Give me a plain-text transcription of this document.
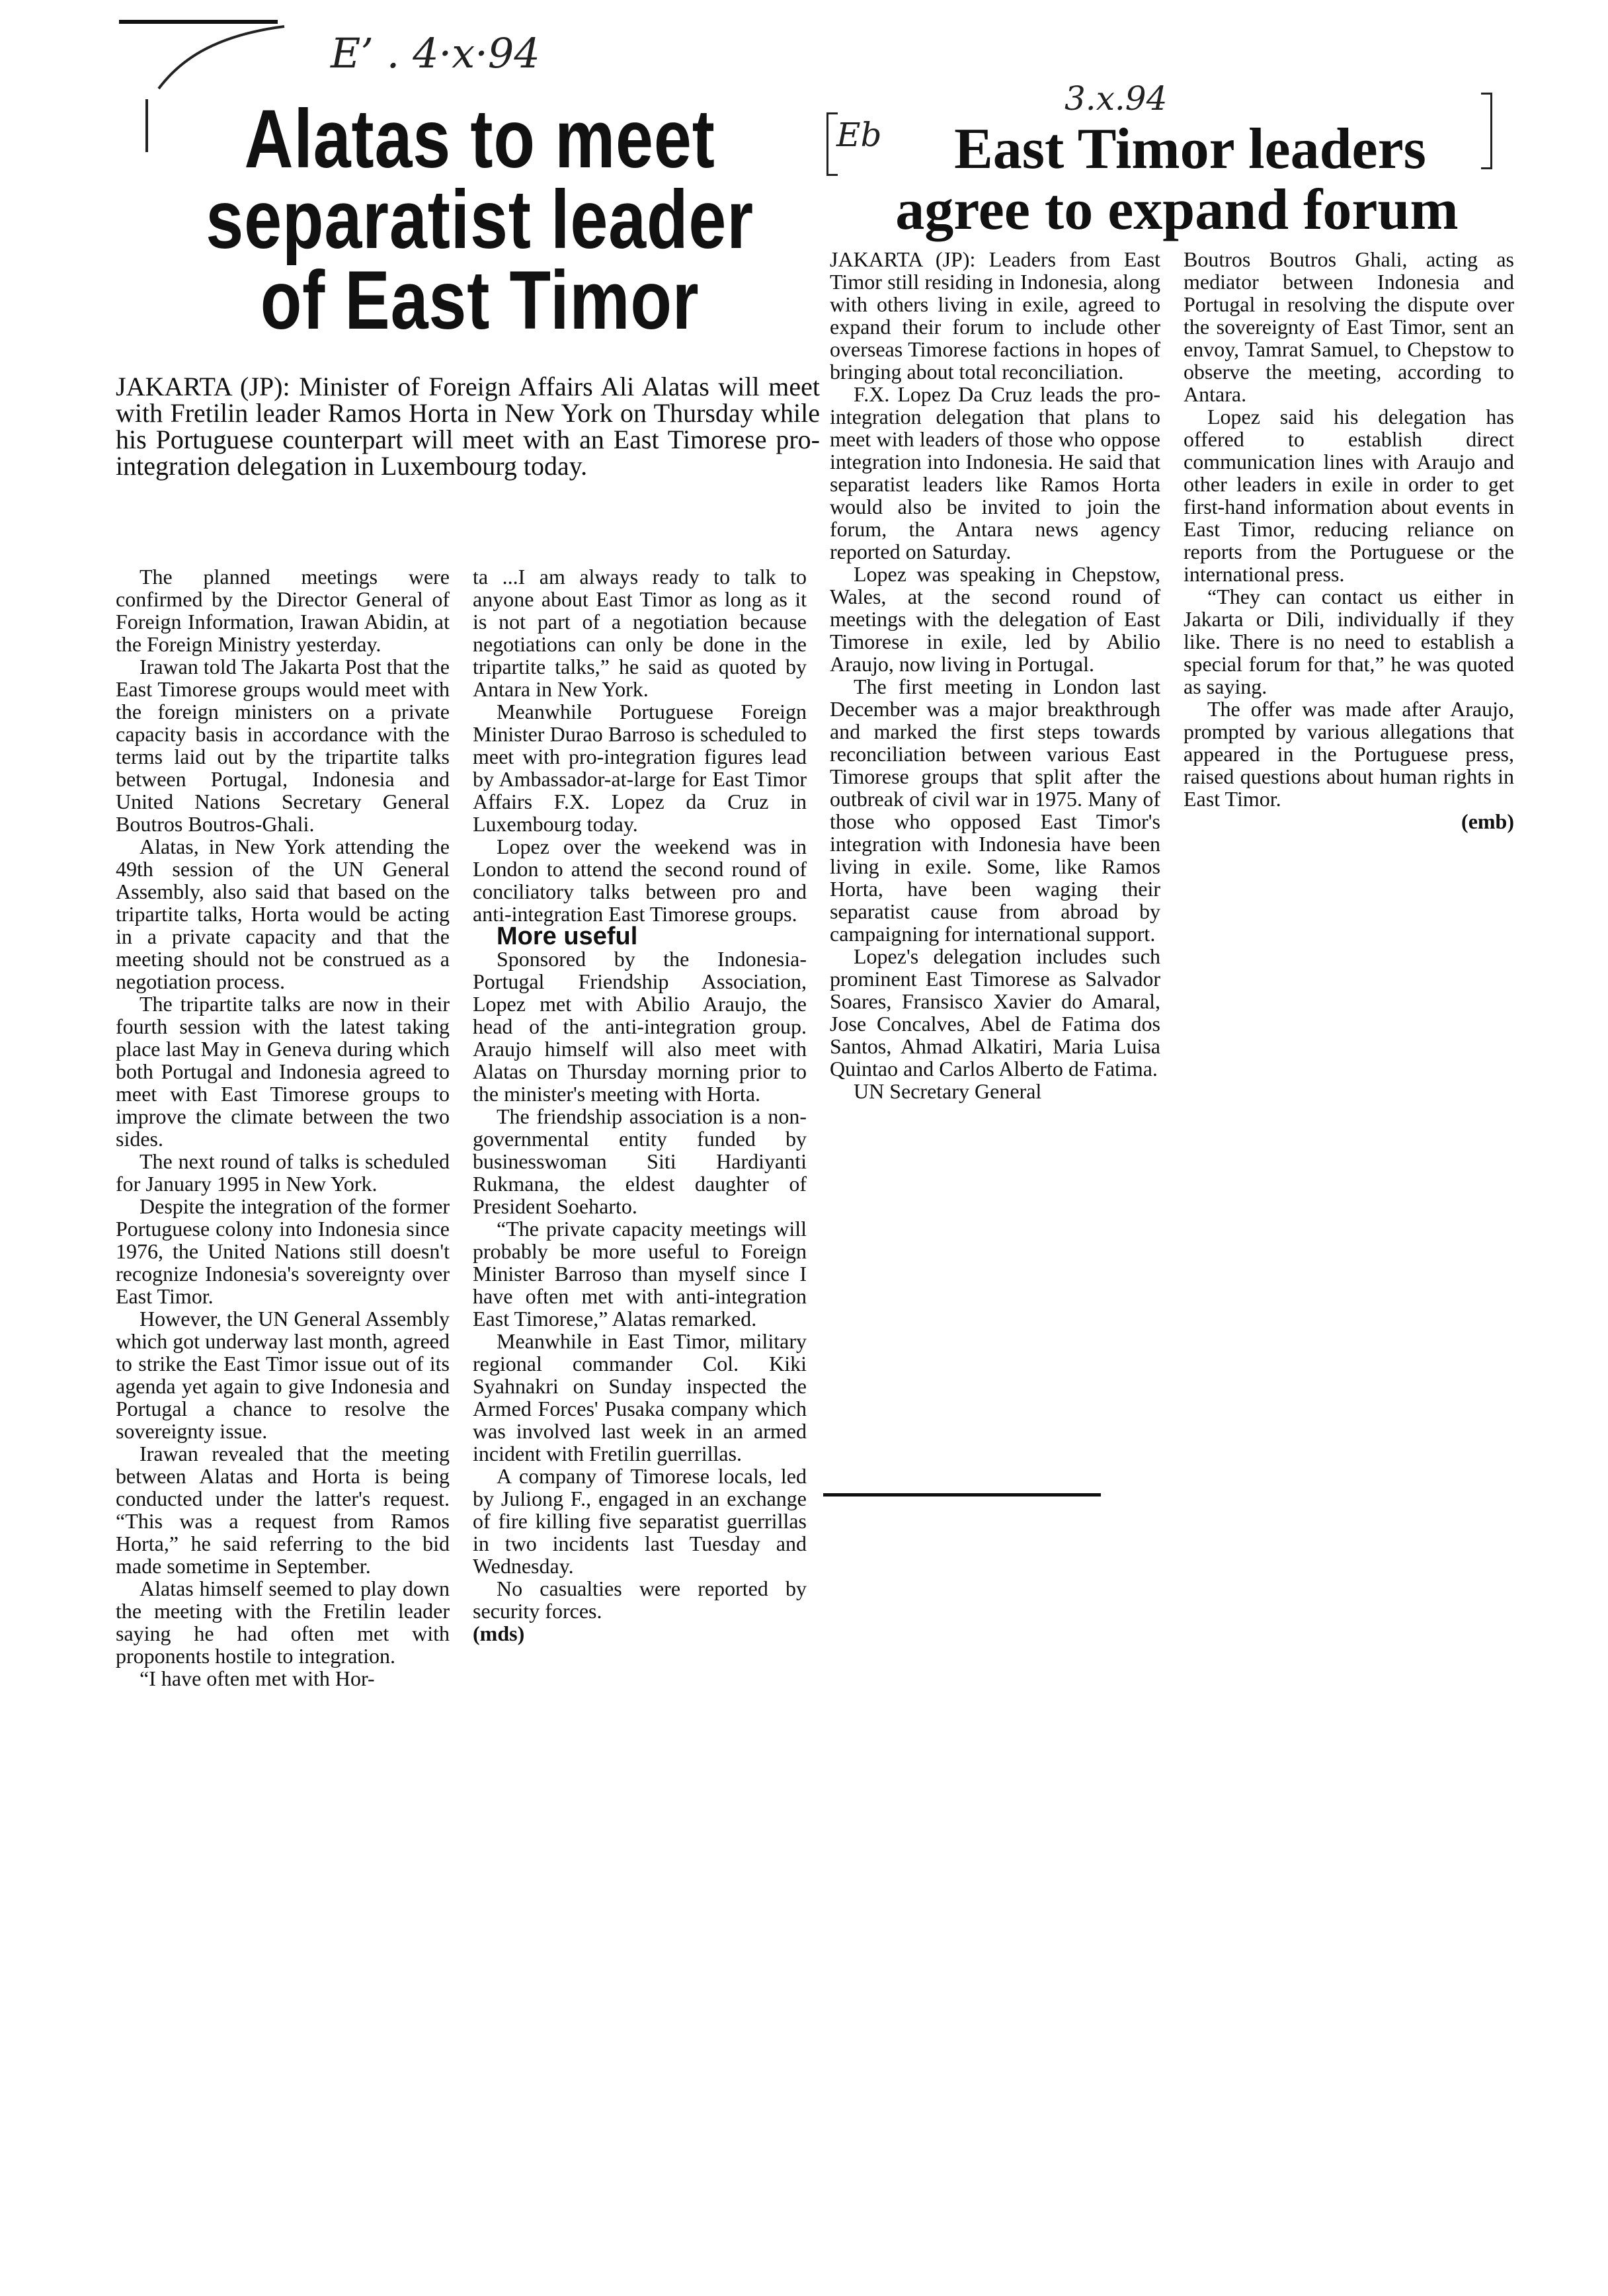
E’ . 4·x·94
Alatas to meet
separatist leader
of East Timor
JAKARTA (JP): Minister of Foreign Affairs Ali Alatas will meet with Fretilin leader Ramos Horta in New York on Thursday while his Portuguese counterpart will meet with an East Timorese pro-integration delegation in Luxembourg today.

The planned meetings were confirmed by the Director General of Foreign Information, Irawan Abidin, at the Foreign Ministry yesterday.

Irawan told The Jakarta Post that the East Timorese groups would meet with the foreign ministers on a private capacity basis in accordance with the terms laid out by the tripartite talks between Portugal, Indonesia and United Nations Secretary General Boutros Boutros-Ghali.

Alatas, in New York attending the 49th session of the UN General Assembly, also said that based on the tripartite talks, Horta would be acting in a private capacity and that the meeting should not be construed as a negotiation process.

The tripartite talks are now in their fourth session with the latest taking place last May in Geneva during which both Portugal and Indonesia agreed to meet with East Timorese groups to improve the climate between the two sides.

The next round of talks is scheduled for January 1995 in New York.

Despite the integration of the former Portuguese colony into Indonesia since 1976, the United Nations still doesn't recognize Indonesia's sovereignty over East Timor.

However, the UN General Assembly which got underway last month, agreed to strike the East Timor issue out of its agenda yet again to give Indonesia and Portugal a chance to resolve the sovereignty issue.

Irawan revealed that the meeting between Alatas and Horta is being conducted under the latter's request. “This was a request from Ramos Horta,” he said referring to the bid made sometime in September.

Alatas himself seemed to play down the meeting with the Fretilin leader saying he had often met with proponents hostile to integration.

“I have often met with Hor-

ta ...I am always ready to talk to anyone about East Timor as long as it is not part of a negotiation because negotiations can only be done in the tripartite talks,” he said as quoted by Antara in New York.

Meanwhile Portuguese Foreign Minister Durao Barroso is scheduled to meet with pro-integration figures lead by Ambassador-at-large for East Timor Affairs F.X. Lopez da Cruz in Luxembourg today.

Lopez over the weekend was in London to attend the second round of conciliatory talks between pro and anti-integration East Timorese groups.

More useful

Sponsored by the Indonesia-Portugal Friendship Association, Lopez met with Abilio Araujo, the head of the anti-integration group. Araujo himself will also meet with Alatas on Thursday morning prior to the minister's meeting with Horta.

The friendship association is a non-governmental entity funded by businesswoman Siti Hardiyanti Rukmana, the eldest daughter of President Soeharto.

“The private capacity meetings will probably be more useful to Foreign Minister Barroso than myself since I have often met with anti-integration East Timorese,” Alatas remarked.

Meanwhile in East Timor, military regional commander Col. Kiki Syahnakri on Sunday inspected the Armed Forces' Pusaka company which was involved last week in an armed incident with Fretilin guerrillas.

A company of Timorese locals, led by Juliong F., engaged in an exchange of fire killing five separatist guerrillas in two incidents last Tuesday and Wednesday.

No casualties were reported by security forces.

(mds)

3.x.94
Eb	East Timor leaders
agree to expand forum

JAKARTA (JP): Leaders from East Timor still residing in Indonesia, along with others living in exile, agreed to expand their forum to include other overseas Timorese factions in hopes of bringing about total reconciliation.

F.X. Lopez Da Cruz leads the pro-integration delegation that plans to meet with leaders of those who oppose integration into Indonesia. He said that separatist leaders like Ramos Horta would also be invited to join the forum, the Antara news agency reported on Saturday.

Lopez was speaking in Chepstow, Wales, at the second round of meetings with the delegation of East Timorese in exile, led by Abilio Araujo, now living in Portugal.

The first meeting in London last December was a major breakthrough and marked the first steps towards reconciliation between various East Timorese groups that split after the outbreak of civil war in 1975. Many of those who opposed East Timor's integration with Indonesia have been living in exile. Some, like Ramos Horta, have been waging their separatist cause from abroad by campaigning for international support.

Lopez's delegation includes such prominent East Timorese as Salvador Soares, Fransisco Xavier do Amaral, Jose Concalves, Abel de Fatima dos Santos, Ahmad Alkatiri, Maria Luisa Quintao and Carlos Alberto de Fatima.

UN Secretary General

Boutros Boutros Ghali, acting as mediator between Indonesia and Portugal in resolving the dispute over the sovereignty of East Timor, sent an envoy, Tamrat Samuel, to Chepstow to observe the meeting, according to Antara.

Lopez said his delegation has offered to establish direct communication lines with Araujo and other leaders in exile in order to get first-hand information about events in East Timor, reducing reliance on reports from the Portuguese or the international press.

“They can contact us either in Jakarta or Dili, individually if they like. There is no need to establish a special forum for that,” he was quoted as saying.

The offer was made after Araujo, prompted by various allegations that appeared in the Portuguese press, raised questions about human rights in East Timor.

(emb)
